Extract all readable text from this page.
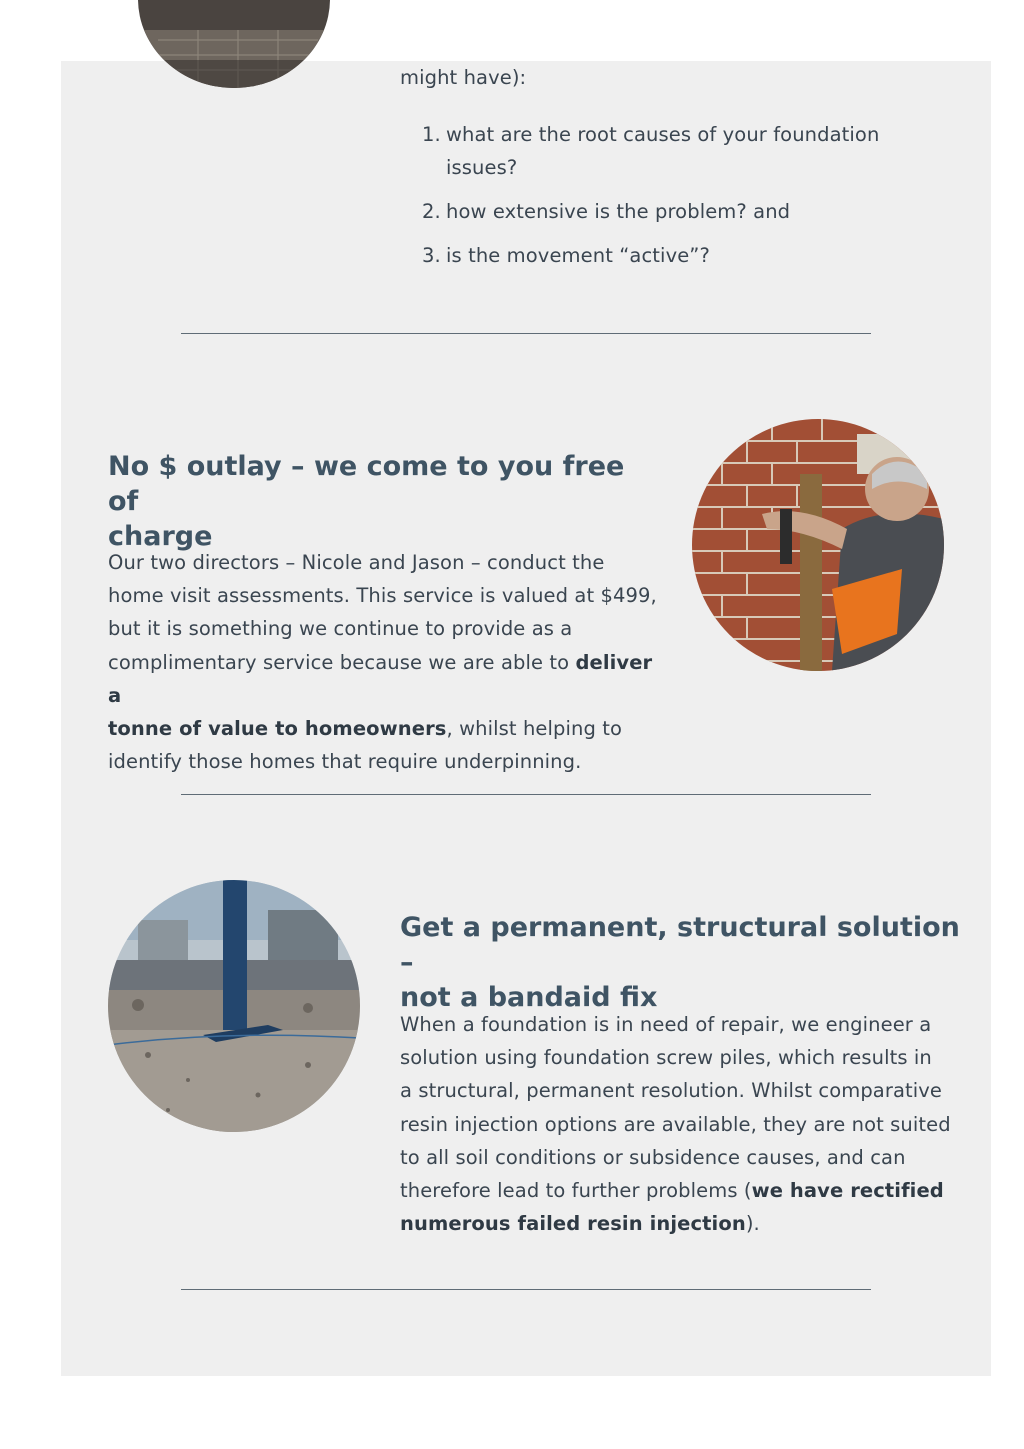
might have):
1. what are the root causes of your foundation
issues?
2. how extensive is the problem? and
3. is the movement “active”?
No $ outlay – we come to you free of
charge

Our two directors – Nicole and Jason – conduct the
home visit assessments. This service is valued at $499,
but it is something we continue to provide as a
complimentary service because we are able to deliver a
tonne of value to homeowners, whilst helping to
identify those homes that require underpinning.

Get a permanent, structural solution –
not a bandaid fix

When a foundation is in need of repair, we engineer a
solution using foundation screw piles, which results in
a structural, permanent resolution. Whilst comparative
resin injection options are available, they are not suited
to all soil conditions or subsidence causes, and can
therefore lead to further problems (we have rectified
numerous failed resin injection).
